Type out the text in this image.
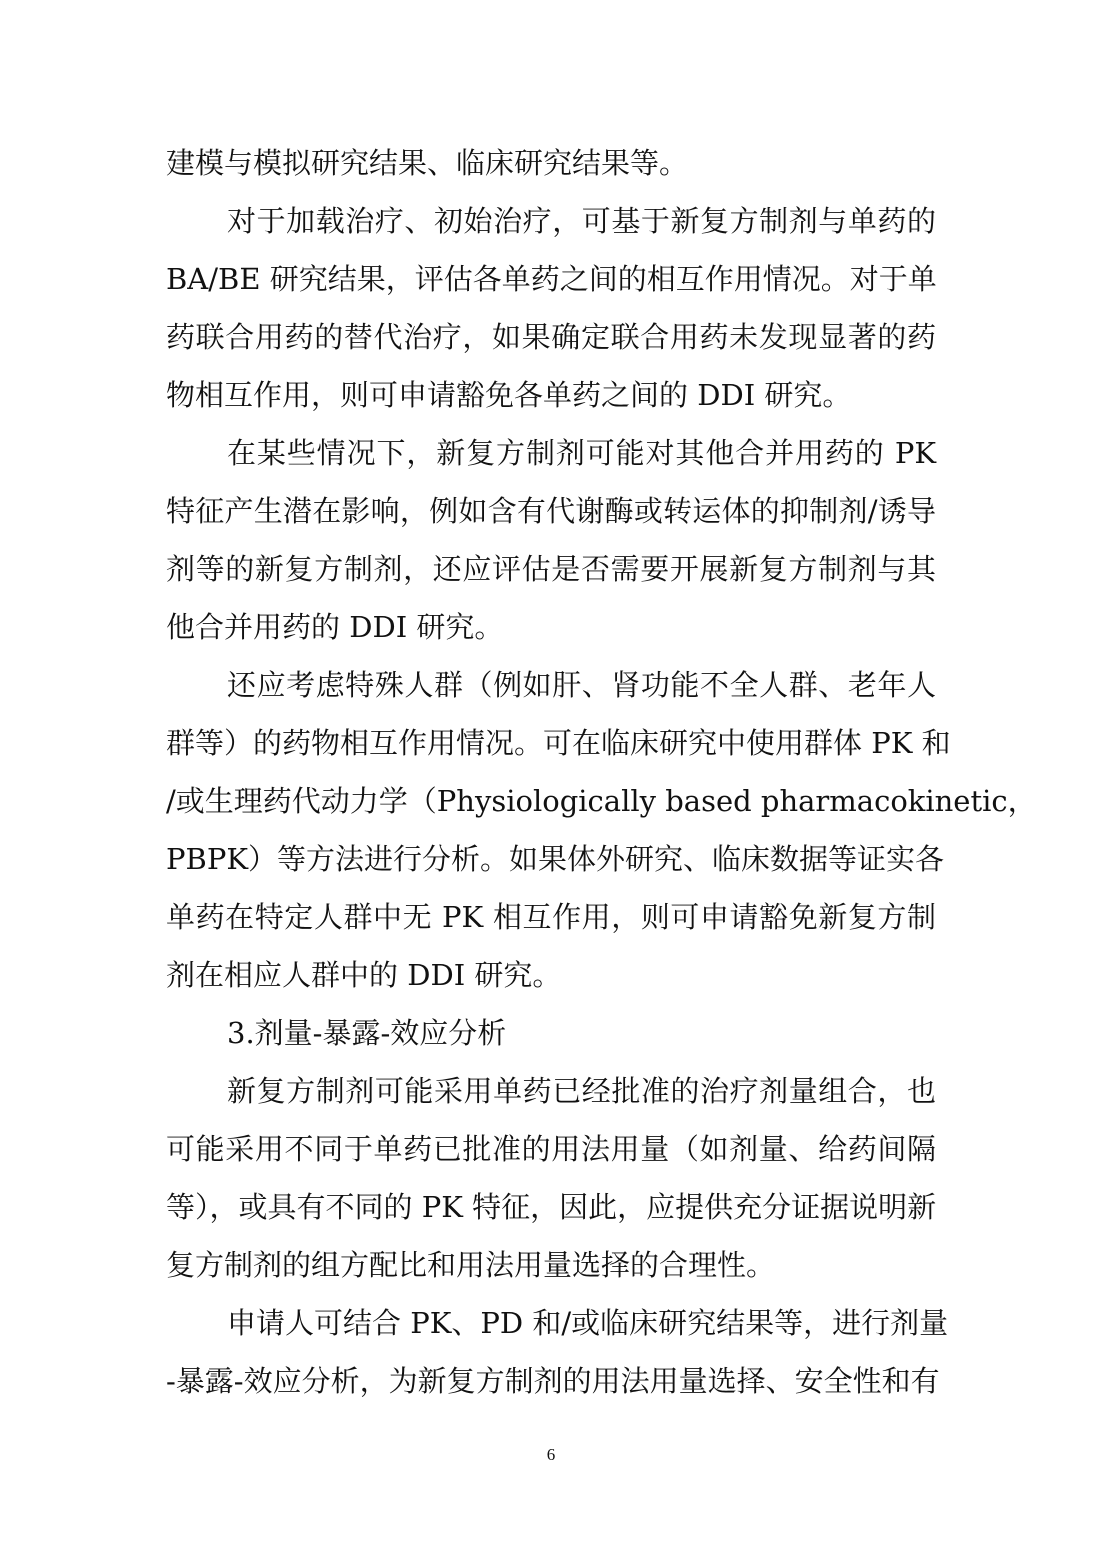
建模与模拟研究结果、临床研究结果等。
对于加载治疗、初始治疗，可基于新复方制剂与单药的
BA/BE 研究结果，评估各单药之间的相互作用情况。对于单
药联合用药的替代治疗，如果确定联合用药未发现显著的药
物相互作用，则可申请豁免各单药之间的 DDI 研究。
在某些情况下，新复方制剂可能对其他合并用药的 PK
特征产生潜在影响，例如含有代谢酶或转运体的抑制剂/诱导
剂等的新复方制剂，还应评估是否需要开展新复方制剂与其
他合并用药的 DDI 研究。
还应考虑特殊人群（例如肝、肾功能不全人群、老年人
群等）的药物相互作用情况。可在临床研究中使用群体 PK 和
/或生理药代动力学（Physiologically based pharmacokinetic，
PBPK）等方法进行分析。如果体外研究、临床数据等证实各
单药在特定人群中无 PK 相互作用，则可申请豁免新复方制
剂在相应人群中的 DDI 研究。
3.剂量-暴露-效应分析
新复方制剂可能采用单药已经批准的治疗剂量组合，也
可能采用不同于单药已批准的用法用量（如剂量、给药间隔
等），或具有不同的 PK 特征，因此，应提供充分证据说明新
复方制剂的组方配比和用法用量选择的合理性。
申请人可结合 PK、PD 和/或临床研究结果等，进行剂量
-暴露-效应分析，为新复方制剂的用法用量选择、安全性和有
6
